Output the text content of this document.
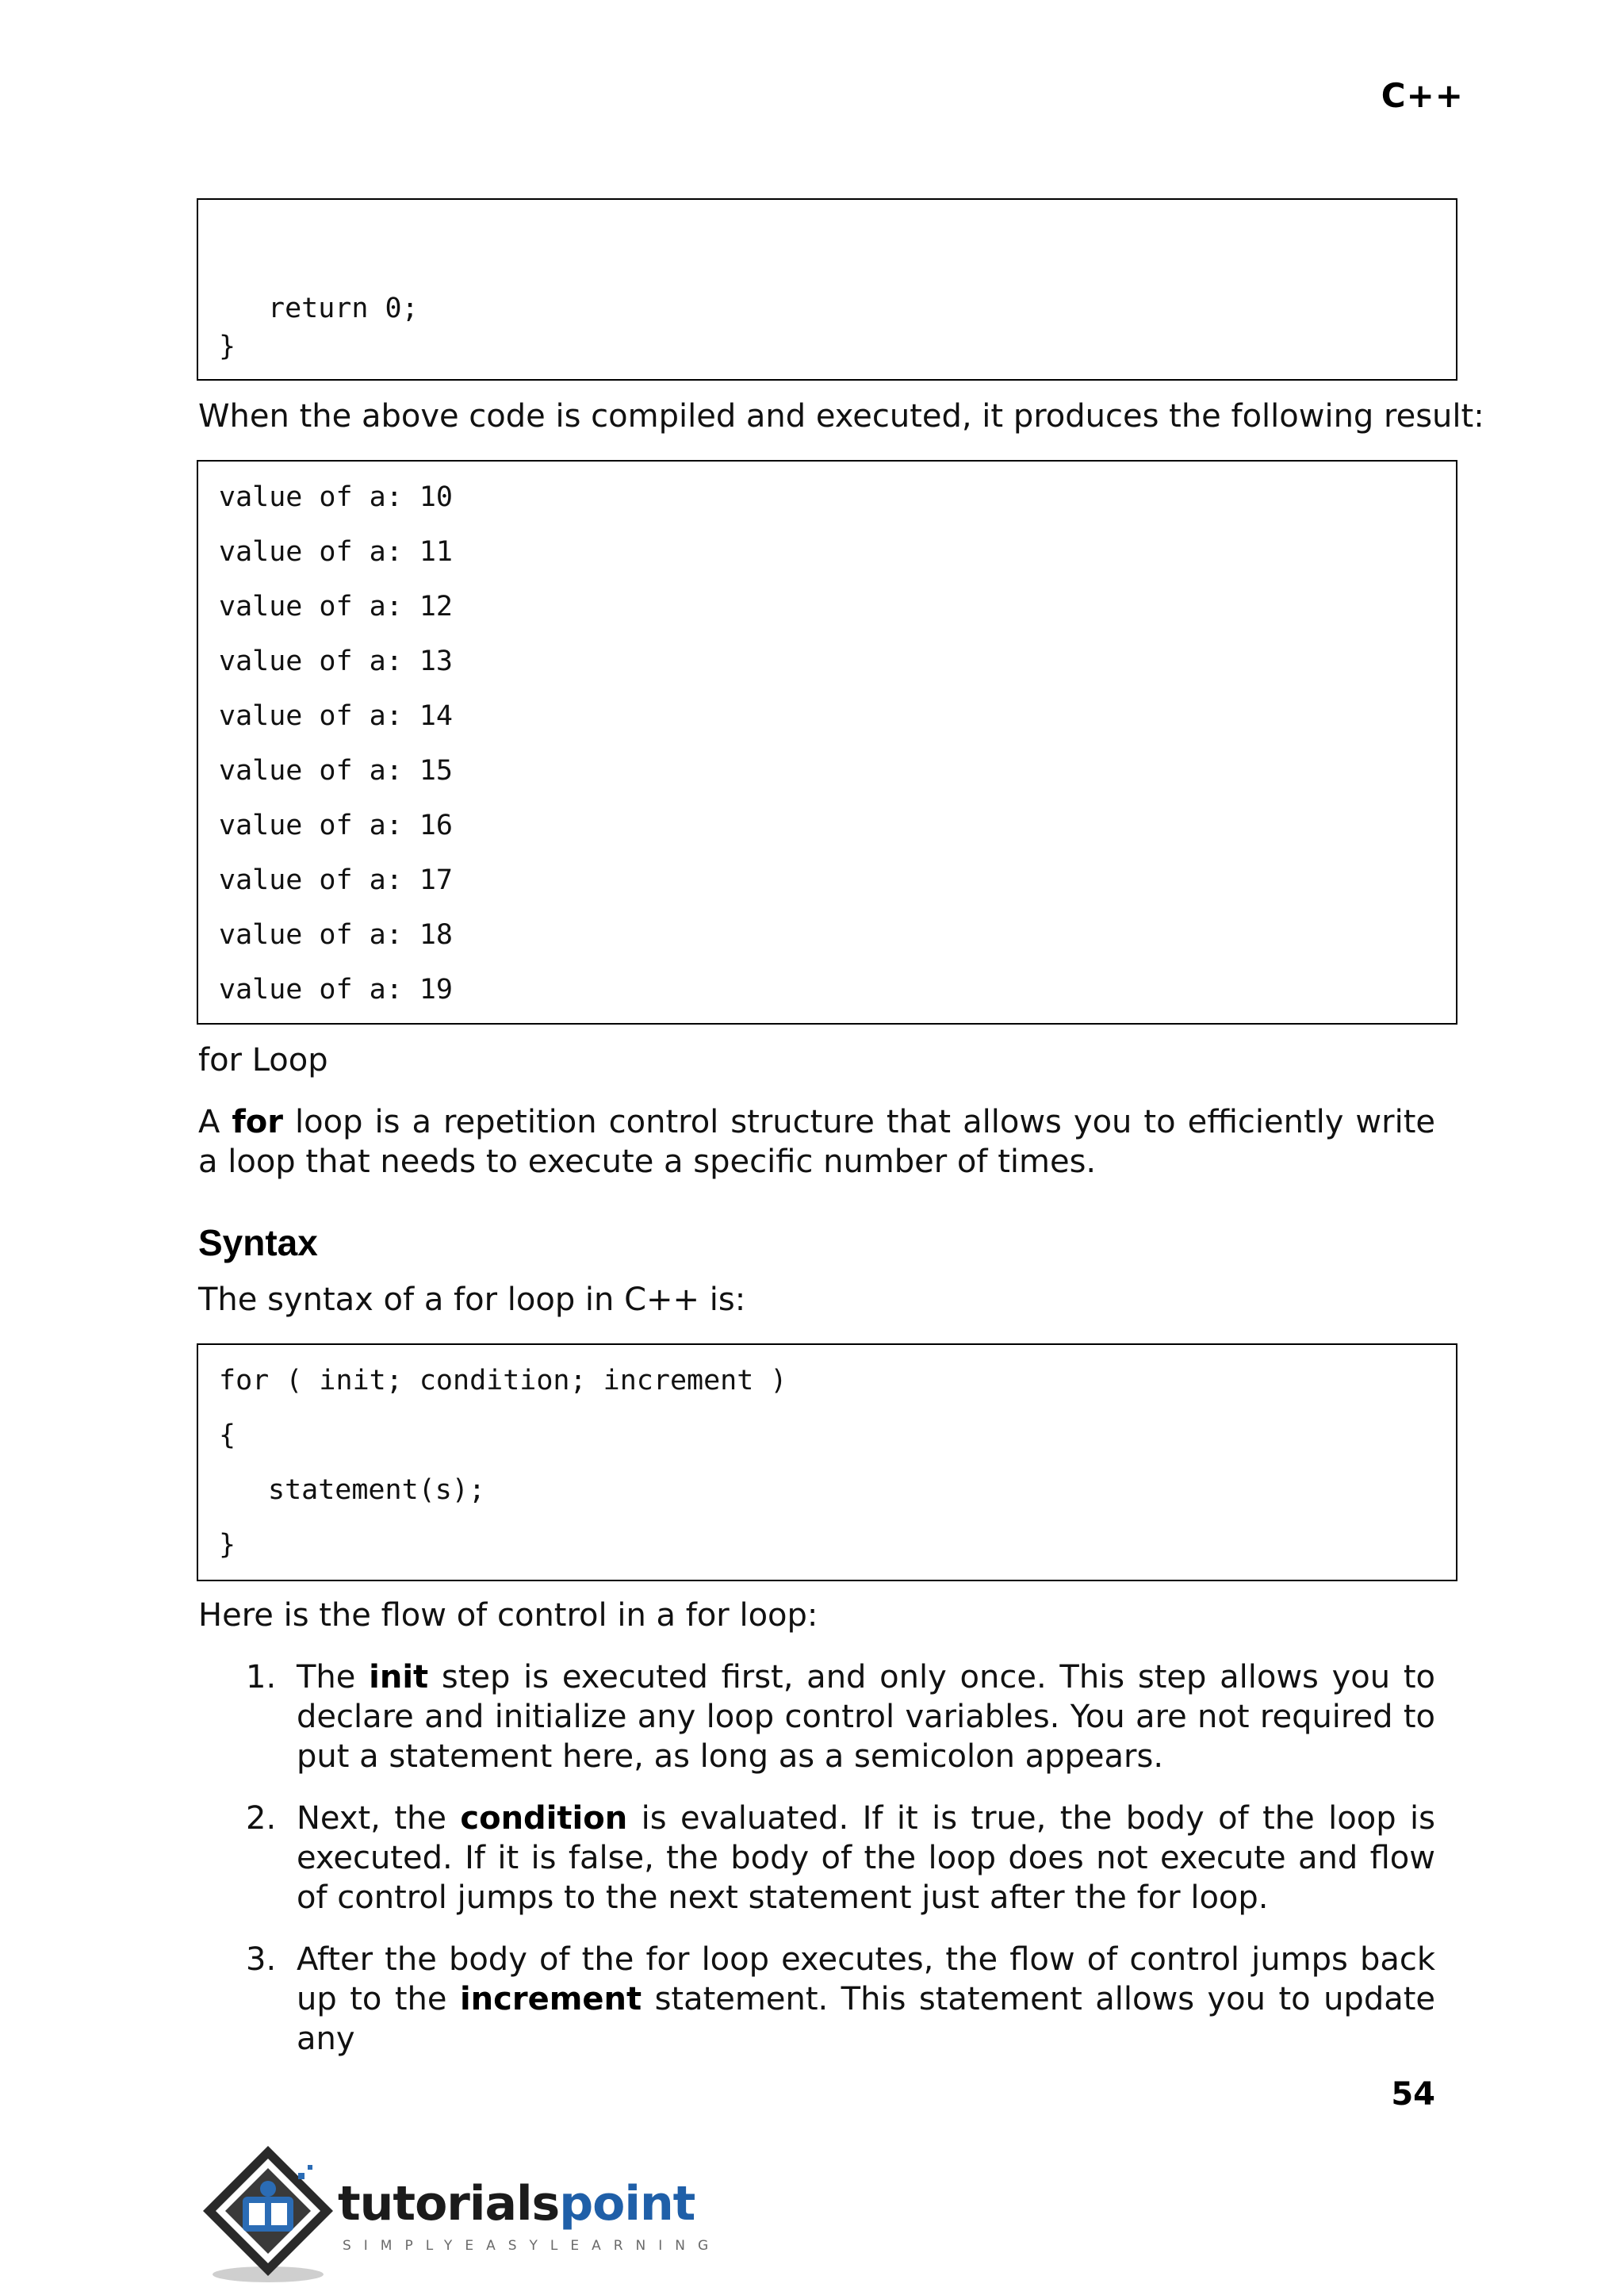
C++
return 0;
}
When the above code is compiled and executed, it produces the following result:
value of a: 10
value of a: 11
value of a: 12
value of a: 13
value of a: 14
value of a: 15
value of a: 16
value of a: 17
value of a: 18
value of a: 19
for Loop
A for loop is a repetition control structure that allows you to efficiently write a loop that needs to execute a specific number of times.
Syntax
The syntax of a for loop in C++ is:
for ( init; condition; increment )
{
statement(s);
}
Here is the flow of control in a for loop:
1. The init step is executed first, and only once. This step allows you to declare and initialize any loop control variables. You are not required to put a statement here, as long as a semicolon appears.
2. Next, the condition is evaluated. If it is true, the body of the loop is executed. If it is false, the body of the loop does not execute and flow of control jumps to the next statement just after the for loop.
3. After the body of the for loop executes, the flow of control jumps back up to the increment statement. This statement allows you to update any
54
tutorialspoint
SIMPLYEASYLEARNING
